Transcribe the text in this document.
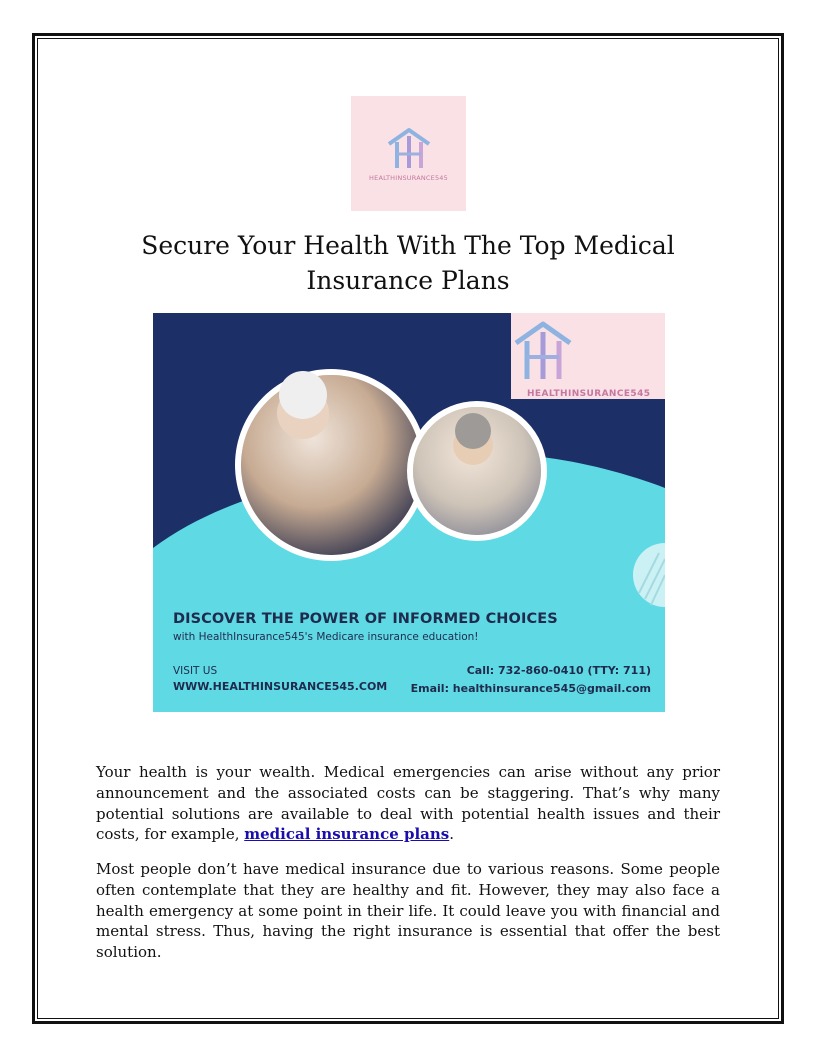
HEALTHINSURANCE545
Secure Your Health With The Top Medical Insurance Plans
HEALTHINSURANCE545
DISCOVER THE POWER OF INFORMED CHOICES
with HealthInsurance545's Medicare insurance education!
VISIT US
WWW.HEALTHINSURANCE545.COM
Call: 732-860-0410 (TTY: 711)
Email: healthinsurance545@gmail.com

Your health is your wealth. Medical emergencies can arise without any prior announcement and the associated costs can be staggering. That’s why many potential solutions are available to deal with potential health issues and their costs, for example, medical insurance plans.

Most people don’t have medical insurance due to various reasons. Some people often contemplate that they are healthy and fit. However, they may also face a health emergency at some point in their life. It could leave you with financial and mental stress. Thus, having the right insurance is essential that offer the best solution.
